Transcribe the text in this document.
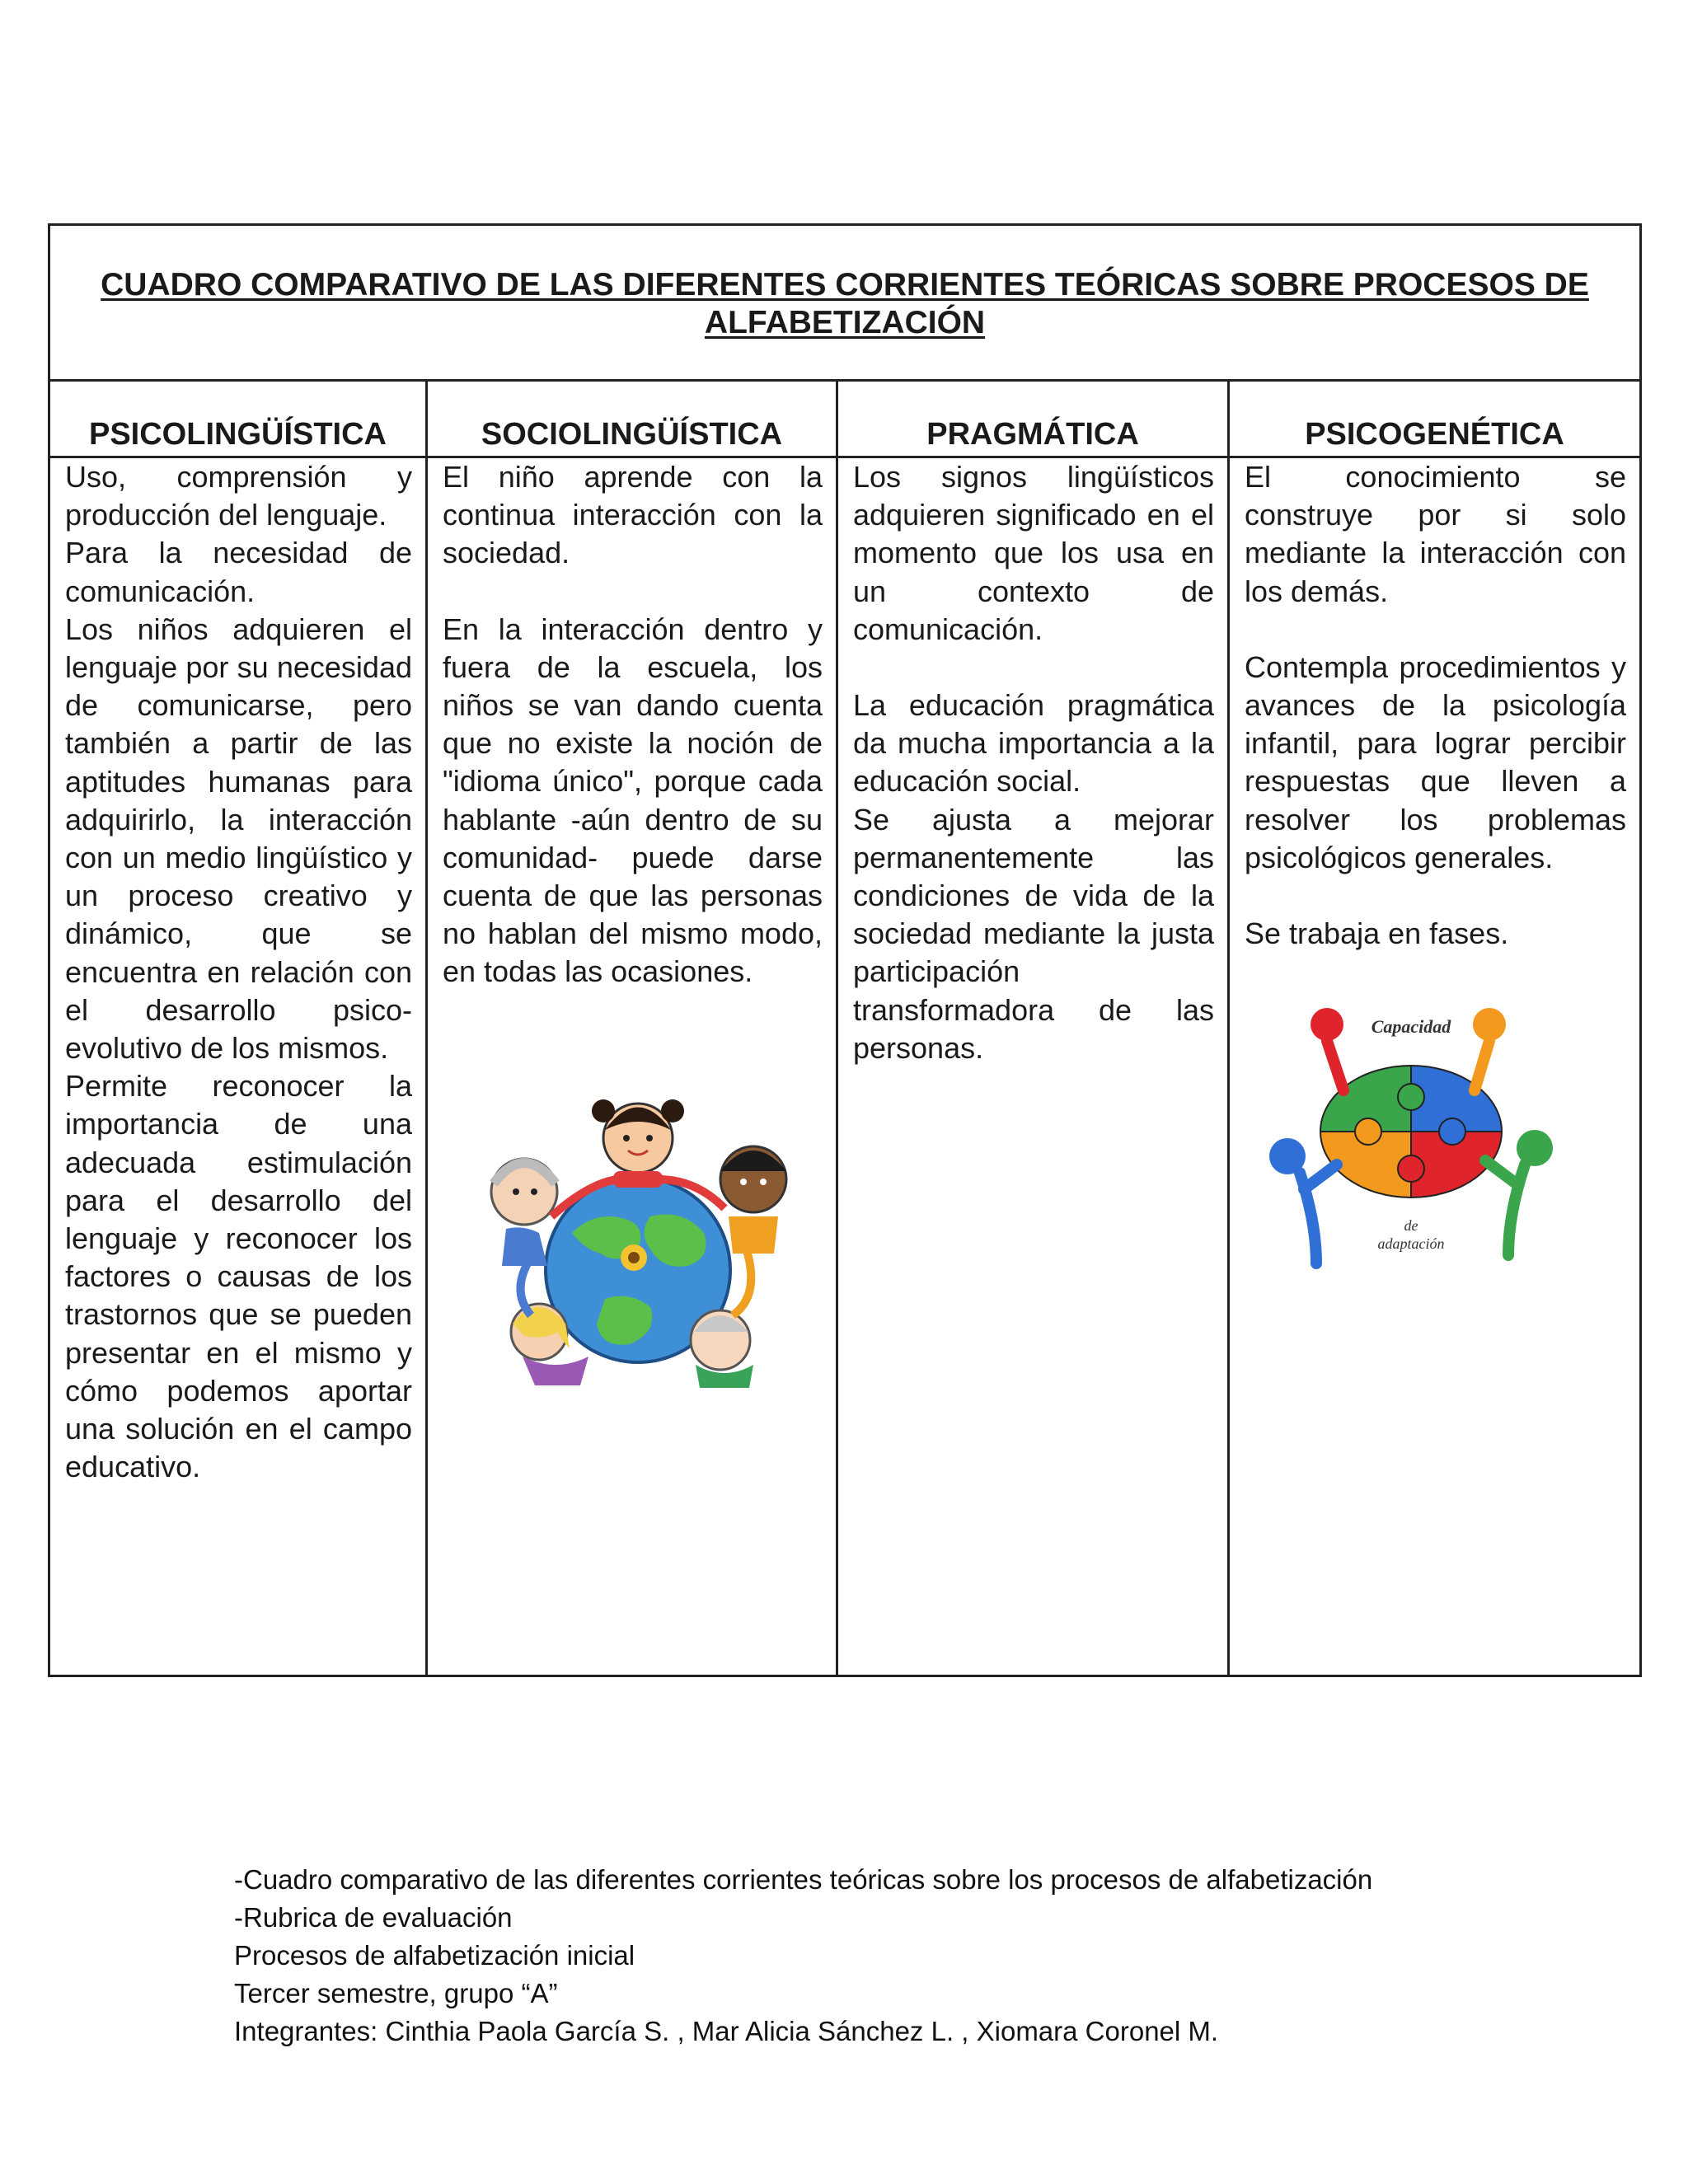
CUADRO COMPARATIVO DE LAS DIFERENTES CORRIENTES TEÓRICAS SOBRE PROCESOS DE ALFABETIZACIÓN
PSICOLINGÜÍSTICA

Uso, comprensión y producción del lenguaje.

Para la necesidad de comunicación.

Los niños adquieren el lenguaje por su necesidad de comunicarse, pero también a partir de las aptitudes humanas para adquirirlo, la interacción con un medio lingüístico y un proceso creativo y dinámico, que se encuentra en relación con el desarrollo psico-evolutivo de los mismos.

Permite reconocer la importancia de una adecuada estimulación para el desarrollo del lenguaje y reconocer los factores o causas de los trastornos que se pueden presentar en el mismo y cómo podemos aportar una solución en el campo educativo.

SOCIOLINGÜÍSTICA

El niño aprende con la continua interacción con la sociedad.

En la interacción dentro y fuera de la escuela, los niños se van dando cuenta que no existe la noción de "idioma único", porque cada hablante -aún dentro de su comunidad- puede darse cuenta de que las personas no hablan del mismo modo, en todas las ocasiones.

PRAGMÁTICA

Los signos lingüísticos adquieren significado en el momento que los usa en un contexto de comunicación.

La educación pragmática da mucha importancia a la educación social.

Se ajusta a mejorar permanentemente las condiciones de vida de la sociedad mediante la justa participación transformadora de las personas.

PSICOGENÉTICA

El conocimiento se construye por si solo mediante la interacción con los demás.

Contempla procedimientos y avances de la psicología infantil, para lograr percibir respuestas que lleven a resolver los problemas psicológicos generales.

Se trabaja en fases.

Capacidad
de
adaptación
-Cuadro comparativo de las diferentes corrientes teóricas sobre los procesos de alfabetización
-Rubrica de evaluación
Procesos de alfabetización inicial
Tercer semestre, grupo “A”
Integrantes: Cinthia Paola García S. , Mar Alicia Sánchez L. , Xiomara Coronel M.
